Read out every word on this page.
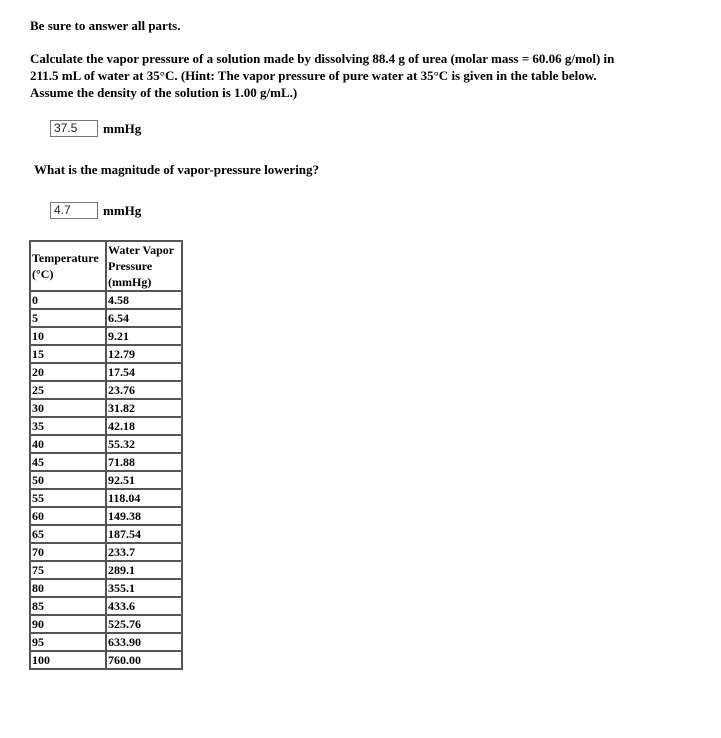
Be sure to answer all parts.
Calculate the vapor pressure of a solution made by dissolving 88.4 g of urea (molar mass = 60.06 g/mol) in 211.5 mL of water at 35°C. (Hint: The vapor pressure of pure water at 35°C is given in the table below. Assume the density of the solution is 1.00 g/mL.)
37.5	mmHg
What is the magnitude of vapor-pressure lowering?
4.7	mmHg
Temperature (°C)	Water Vapor Pressure (mmHg)
0	4.58
5	6.54
10	9.21
15	12.79
20	17.54
25	23.76
30	31.82
35	42.18
40	55.32
45	71.88
50	92.51
55	118.04
60	149.38
65	187.54
70	233.7
75	289.1
80	355.1
85	433.6
90	525.76
95	633.90
100	760.00
